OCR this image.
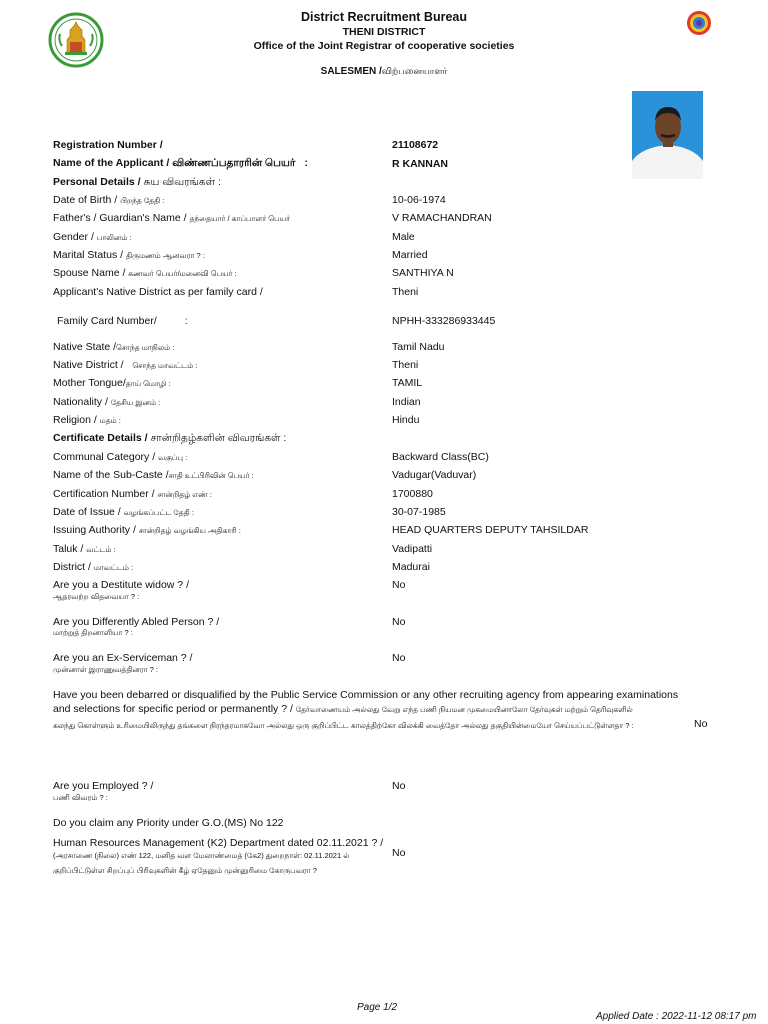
District Recruitment Bureau
THENI DISTRICT
Office of the Joint Registrar of cooperative societies
SALESMEN /விற்பனையாளர்
Registration Number /	21108672
Name of the Applicant / விண்ணப்பதாரரின் பெயர் :	R KANNAN
Personal Details / சுய விவரங்கள் :
Date of Birth / பிறந்த தேதி :	10-06-1974
Father's / Guardian's Name / தந்தையார் / காப்பாளர் பெயர்	V RAMACHANDRAN
Gender / பாலினம் :	Male
Marital Status / திருமணம் ஆனவரா ? :	Married
Spouse Name / கணவர் பெயர்/மனைவி பெயர் :	SANTHIYA N
Applicant's Native District as per family card /	Theni
Family Card Number/	:	NPHH-333286933445
Native State /சொந்த மாநிலம் :	Tamil Nadu
Native District / சொந்த மாவட்டம் :	Theni
Mother Tongue/தாய் மொழி :	TAMIL
Nationality / தேசிய இனம் :	Indian
Religion / மதம் :	Hindu
Certificate Details / சான்றிதழ்களின் விவரங்கள் :
Communal Category / வகுப்பு :	Backward Class(BC)
Name of the Sub-Caste /சாதி உட்பிரிவின் பெயர் :	Vadugar(Vaduvar)
Certification Number / சான்றிதழ் எண் :	1700880
Date of Issue / வழங்கப்பட்ட தேதி :	30-07-1985
Issuing Authority / சான்றிதழ் வழங்கிய அதிகாரி :	HEAD QUARTERS DEPUTY TAHSILDAR
Taluk / வட்டம் :	Vadipatti
District / மாவட்டம் :	Madurai
Are you a Destitute widow ? /
ஆதரவற்ற விதவையா ? :
No
Are you Differently Abled Person ? /
மாற்றுத் திறனாளியா ? :
No
Are you an Ex-Serviceman ? /
முன்னாள் இராணுவத்தினரா ? :
No
Have you been debarred or disqualified by the Public Service Commission or any other recruiting agency from appearing examinations
and selections for specific period or permanently ? / தேர்வாணையம் அல்லது வேறு எந்த பணி நியமன முகமையினாலோ தேர்வுகள் மற்றும் தெரிவுகளில்
கலந்து கொள்ளும் உரிமையிலிருந்து தங்களை நிரந்தரமாகவோ அல்லது ஒரு குறிப்பிட்ட காலத்திற்கோ விலக்கி வைத்தோ அல்லது தகுதியின்மையோ செய்யப்பட்டுள்ளதா ? :	No
Are you Employed ? /
பணி விவரம் ? :
No
Do you claim any Priority under G.O.(MS) No 122
Human Resources Management (K2) Department dated 02.11.2021 ? /
(அரசாணை (நிலை) எண் 122, மனித வள மேலாண்மைத் (கே2) துறைநாள்: 02.11.2021 ல்
குறிப்பிட்டுள்ள சிறப்புப் பிரிவுகளின் கீழ் ஏதேனும் முன்னுரிமை கோருபவரா ?
No
Page 1/2
Applied Date : 2022-11-12 08:17 pm
